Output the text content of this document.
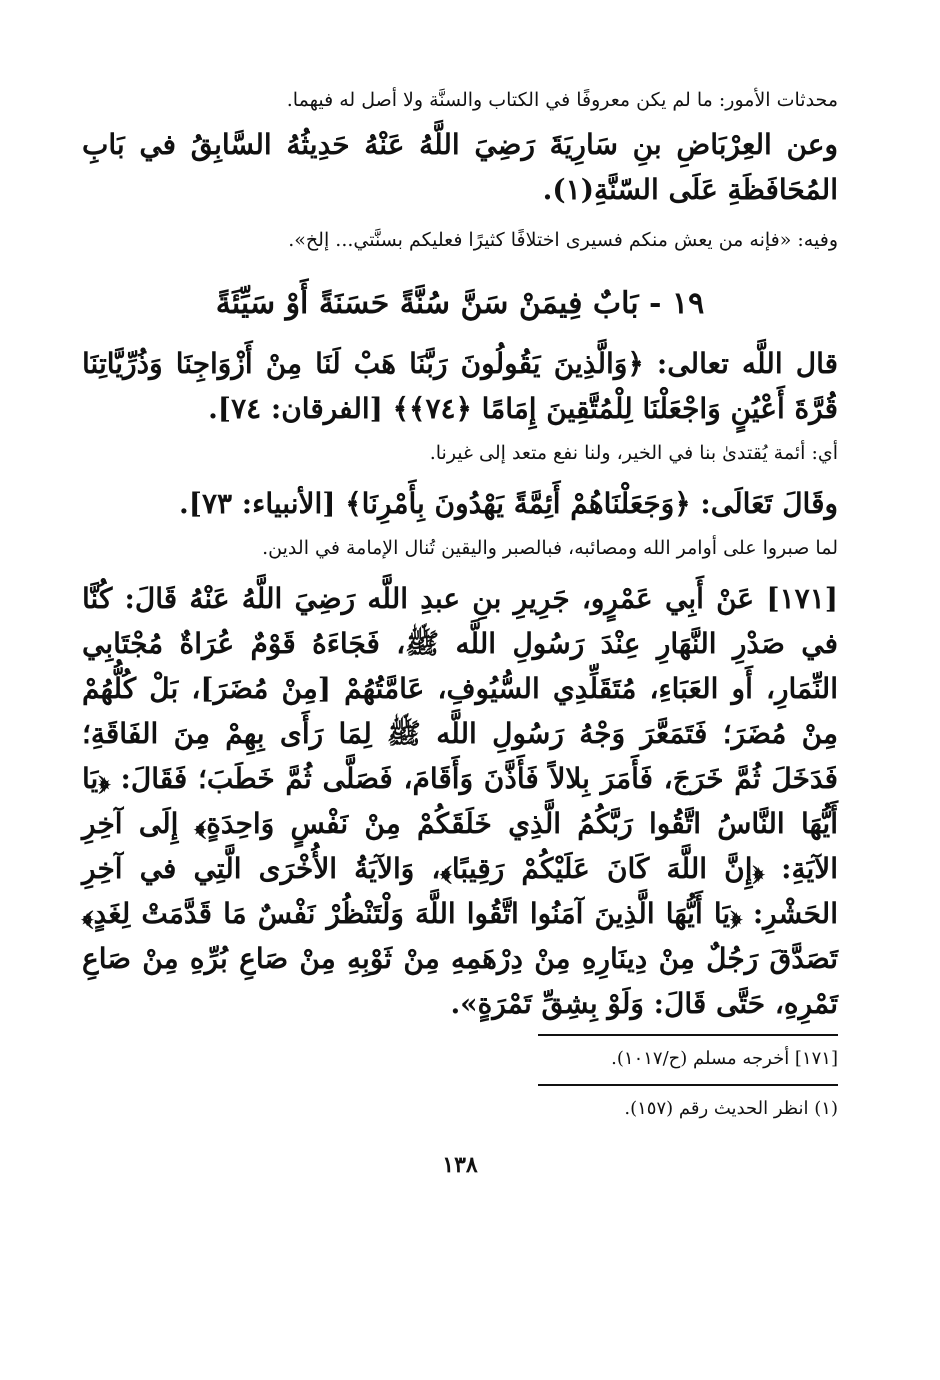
محدثات الأمور: ما لم يكن معروفًا في الكتاب والسنَّة ولا أصل له فيهما.
وعن العِرْبَاضِ بنِ سَارِيَةَ رَضِيَ اللَّهُ عَنْهُ حَدِيثُهُ السَّابِقُ في بَابِ المُحَافَظَةِ عَلَى السّنَّةِ(١).
وفيه: «فإنه من يعش منكم فسيرى اختلافًا كثيرًا فعليكم بسنَّتي... إلخ».
١٩ - بَابٌ فِيمَنْ سَنَّ سُنَّةً حَسَنَةً أَوْ سَيِّئَةً
قال اللَّه تعالى: ﴿وَالَّذِينَ يَقُولُونَ رَبَّنَا هَبْ لَنَا مِنْ أَزْوَاجِنَا وَذُرِّيَّاتِنَا قُرَّةَ أَعْيُنٍ وَاجْعَلْنَا لِلْمُتَّقِينَ إِمَامًا ﴿٧٤﴾﴾ [الفرقان: ٧٤].
أي: أئمة يُقتدىٰ بنا في الخير، ولنا نفع متعد إلى غيرنا.
وقَالَ تَعَالَى: ﴿وَجَعَلْنَاهُمْ أَئِمَّةً يَهْدُونَ بِأَمْرِنَا﴾ [الأنبياء: ٧٣].
لما صبروا على أوامر الله ومصائبه، فبالصبر واليقين تُنال الإمامة في الدين.
[١٧١] عَنْ أَبِي عَمْرٍو، جَرِيرِ بنِ عبدِ اللَّه رَضِيَ اللَّهُ عَنْهُ قَالَ: كُنَّا في صَدْرِ النَّهَارِ عِنْدَ رَسُولِ اللَّه ﷺ، فَجَاءَهُ قَوْمٌ عُرَاةٌ مُجْتَابِي النِّمَارِ، أَو العَبَاءِ، مُتَقَلِّدِي السُّيُوفِ، عَامَّتُهُمْ [مِنْ مُضَرَ]، بَلْ كُلُّهُمْ مِنْ مُضَرَ؛ فَتَمَعَّرَ وَجْهُ رَسُولِ اللَّه ﷺ لِمَا رَأَى بِهِمْ مِنَ الفَاقَةِ؛ فَدَخَلَ ثُمَّ خَرَجَ، فَأَمَرَ بِلالاً فَأَذَّنَ وَأَقَامَ، فَصَلَّى ثُمَّ خَطَبَ؛ فَقَالَ: ﴿يَا أَيُّهَا النَّاسُ اتَّقُوا رَبَّكُمُ الَّذِي خَلَقَكُمْ مِنْ نَفْسٍ وَاحِدَةٍ﴾ إِلَى آخِرِ الآيَةِ: ﴿إِنَّ اللَّهَ كَانَ عَلَيْكُمْ رَقِيبًا﴾، وَالآيَةُ الأُخْرَى الَّتِي في آخِرِ الحَشْرِ: ﴿يَا أَيُّهَا الَّذِينَ آمَنُوا اتَّقُوا اللَّهَ وَلْتَنْظُرْ نَفْسٌ مَا قَدَّمَتْ لِغَدٍ﴾ تَصَدَّقَ رَجُلٌ مِنْ دِينَارِهِ مِنْ دِرْهَمِهِ مِنْ ثَوْبِهِ مِنْ صَاعِ بُرِّهِ مِنْ صَاعِ تَمْرِهِ، حَتَّى قَالَ: وَلَوْ بِشِقِّ تَمْرَةٍ».
[١٧١] أخرجه مسلم (ح/١٠١٧).
(١) انظر الحديث رقم (١٥٧).
١٣٨
